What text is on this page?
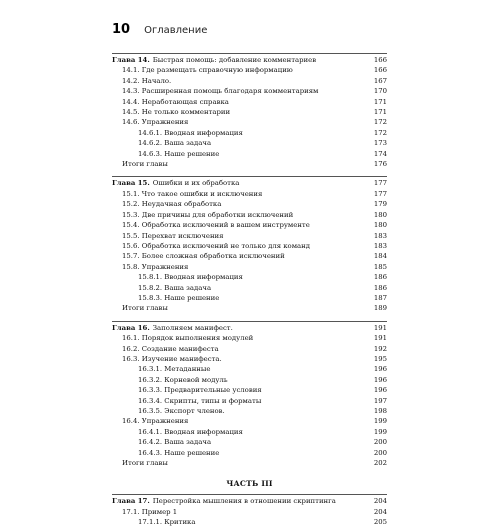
10 Оглавление
Глава 14. Быстрая помощь: добавление комментариев	166
14.1. Где размещать справочную информацию	166
14.2. Начало.	167
14.3. Расширенная помощь благодаря комментариям	170
14.4. Неработающая справка	171
14.5. Не только комментарии	171
14.6. Упражнения	172
14.6.1. Вводная информация	172
14.6.2. Ваша задача	173
14.6.3. Наше решение	174
Итоги главы	176
Глава 15. Ошибки и их обработка	177
15.1. Что такое ошибки и исключения	177
15.2. Неудачная обработка	179
15.3. Две причины для обработки исключений	180
15.4. Обработка исключений в вашем инструменте	180
15.5. Перехват исключения	183
15.6. Обработка исключений не только для команд	183
15.7. Более сложная обработка исключений	184
15.8. Упражнения	185
15.8.1. Вводная информация	186
15.8.2. Ваша задача	186
15.8.3. Наше решение	187
Итоги главы	189
Глава 16. Заполняем манифест.	191
16.1. Порядок выполнения модулей	191
16.2. Создание манифеста	192
16.3. Изучение манифеста.	195
16.3.1. Метаданные	196
16.3.2. Корневой модуль	196
16.3.3. Предварительные условия	196
16.3.4. Скрипты, типы и форматы	197
16.3.5. Экспорт членов.	198
16.4. Упражнения	199
16.4.1. Вводная информация	199
16.4.2. Ваша задача	200
16.4.3. Наше решение	200
Итоги главы	202
ЧАСТЬ III
Глава 17. Перестройка мышления в отношении скриптинга	204
17.1. Пример 1	204
17.1.1. Критика	205
